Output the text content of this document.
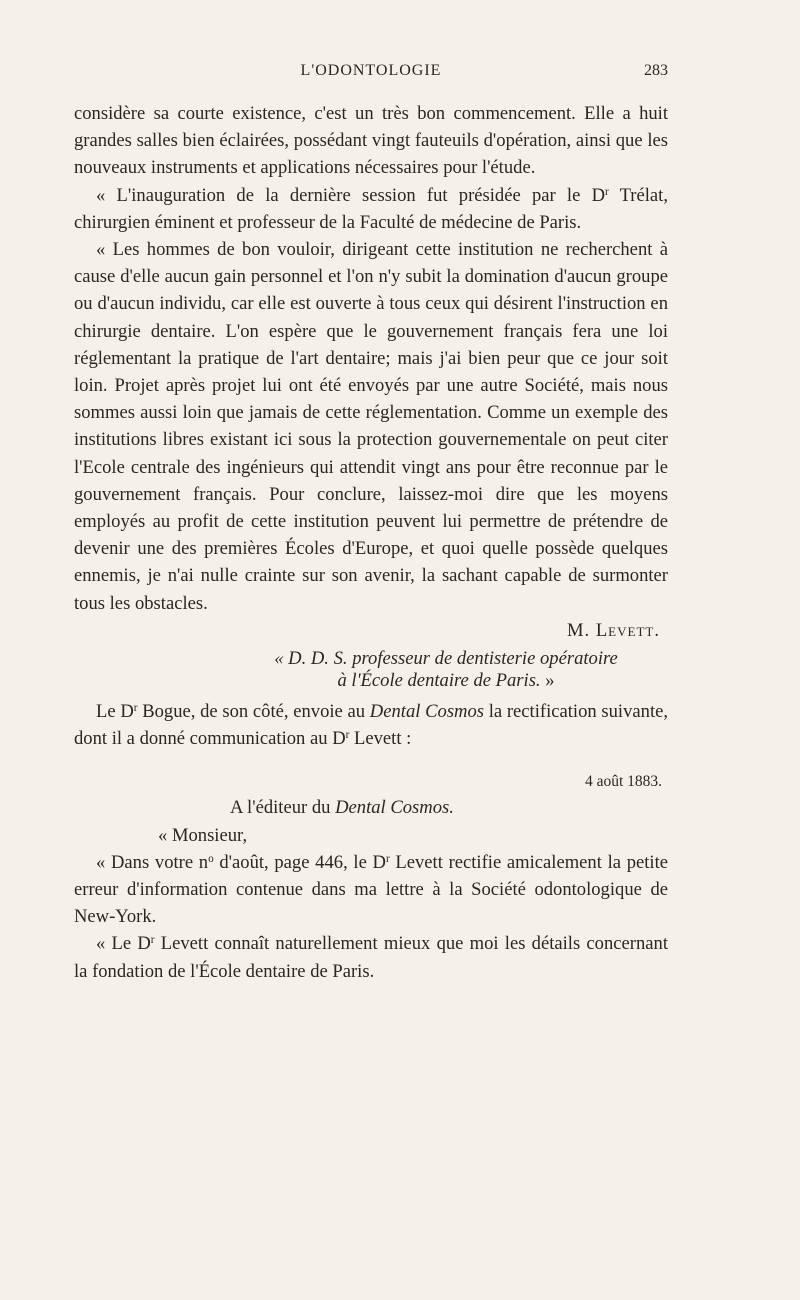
L'ODONTOLOGIE	283

considère sa courte existence, c'est un très bon commencement. Elle a huit grandes salles bien éclairées, possédant vingt fauteuils d'opération, ainsi que les nouveaux instruments et applications nécessaires pour l'étude.

« L'inauguration de la dernière session fut présidée par le $D^r$ Trélat, chirurgien éminent et professeur de la Faculté de médecine de Paris.

« Les hommes de bon vouloir, dirigeant cette institution ne recherchent à cause d'elle aucun gain personnel et l'on n'y subit la domination d'aucun groupe ou d'aucun individu, car elle est ouverte à tous ceux qui désirent l'instruction en chirurgie dentaire. L'on espère que le gouvernement français fera une loi réglementant la pratique de l'art dentaire; mais j'ai bien peur que ce jour soit loin. Projet après projet lui ont été envoyés par une autre Société, mais nous sommes aussi loin que jamais de cette réglementation. Comme un exemple des institutions libres existant ici sous la protection gouvernementale on peut citer l'Ecole centrale des ingénieurs qui attendit vingt ans pour être reconnue par le gouvernement français. Pour conclure, laissez-moi dire que les moyens employés au profit de cette institution peuvent lui permettre de prétendre de devenir une des premières Écoles d'Europe, et quoi quelle possède quelques ennemis, je n'ai nulle crainte sur son avenir, la sachant capable de surmonter tous les obstacles.

M. Levett.

« D. D. S. professeur de dentisterie opératoire
à l'École dentaire de Paris. »

Le $D^r$ Bogue, de son côté, envoie au Dental Cosmos la rectification suivante, dont il a donné communication au $D^r$ Levett :

4 août 1883.

A l'éditeur du Dental Cosmos.

« Monsieur,

« Dans votre $n^o$ d'août, page 446, le $D^r$ Levett rectifie amicalement la petite erreur d'information contenue dans ma lettre à la Société odontologique de New-York.

« Le $D^r$ Levett connaît naturellement mieux que moi les détails concernant la fondation de l'École dentaire de Paris.
